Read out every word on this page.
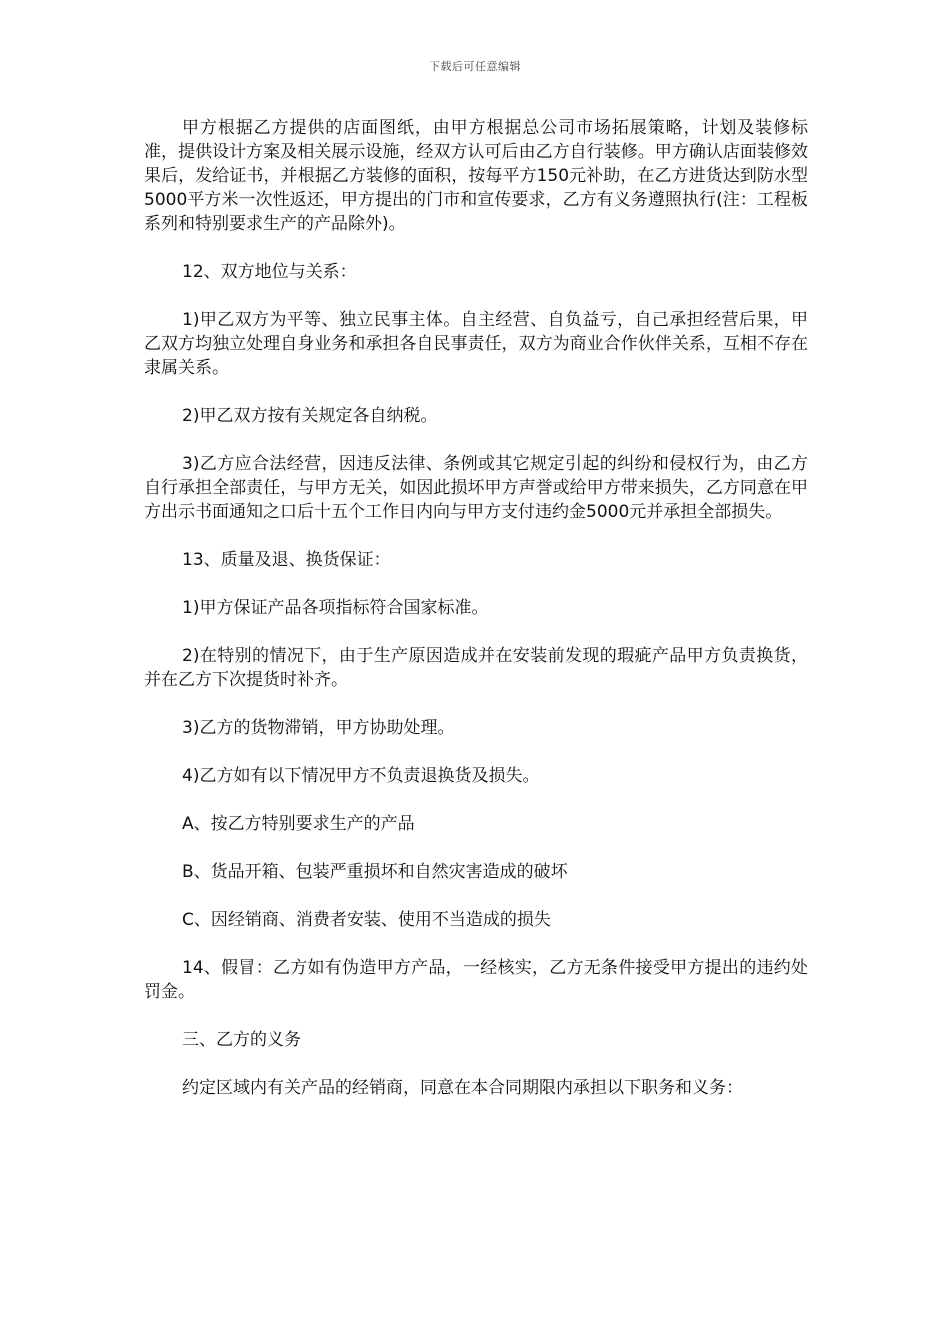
下载后可任意编辑

甲方根据乙方提供的店面图纸，由甲方根据总公司市场拓展策略，计划及装修标准，提供设计方案及相关展示设施，经双方认可后由乙方自行装修。甲方确认店面装修效果后，发给证书，并根据乙方装修的面积，按每平方150元补助，在乙方进货达到防水型5000平方米一次性返还，甲方提出的门市和宣传要求，乙方有义务遵照执行(注：工程板系列和特别要求生产的产品除外)。

12、双方地位与关系：

1)甲乙双方为平等、独立民事主体。自主经营、自负益亏，自己承担经营后果，甲乙双方均独立处理自身业务和承担各自民事责任，双方为商业合作伙伴关系，互相不存在隶属关系。

2)甲乙双方按有关规定各自纳税。

3)乙方应合法经营，因违反法律、条例或其它规定引起的纠纷和侵权行为，由乙方自行承担全部责任，与甲方无关，如因此损坏甲方声誉或给甲方带来损失，乙方同意在甲方出示书面通知之口后十五个工作日内向与甲方支付违约金5000元并承担全部损失。

13、质量及退、换货保证：

1)甲方保证产品各项指标符合国家标准。

2)在特别的情况下，由于生产原因造成并在安装前发现的瑕疵产品甲方负责换货，并在乙方下次提货时补齐。

3)乙方的货物滞销，甲方协助处理。

4)乙方如有以下情况甲方不负责退换货及损失。

A、按乙方特别要求生产的产品

B、货品开箱、包装严重损坏和自然灾害造成的破坏

C、因经销商、消费者安装、使用不当造成的损失

14、假冒：乙方如有伪造甲方产品，一经核实，乙方无条件接受甲方提出的违约处罚金。

三、乙方的义务

约定区域内有关产品的经销商，同意在本合同期限内承担以下职务和义务：
